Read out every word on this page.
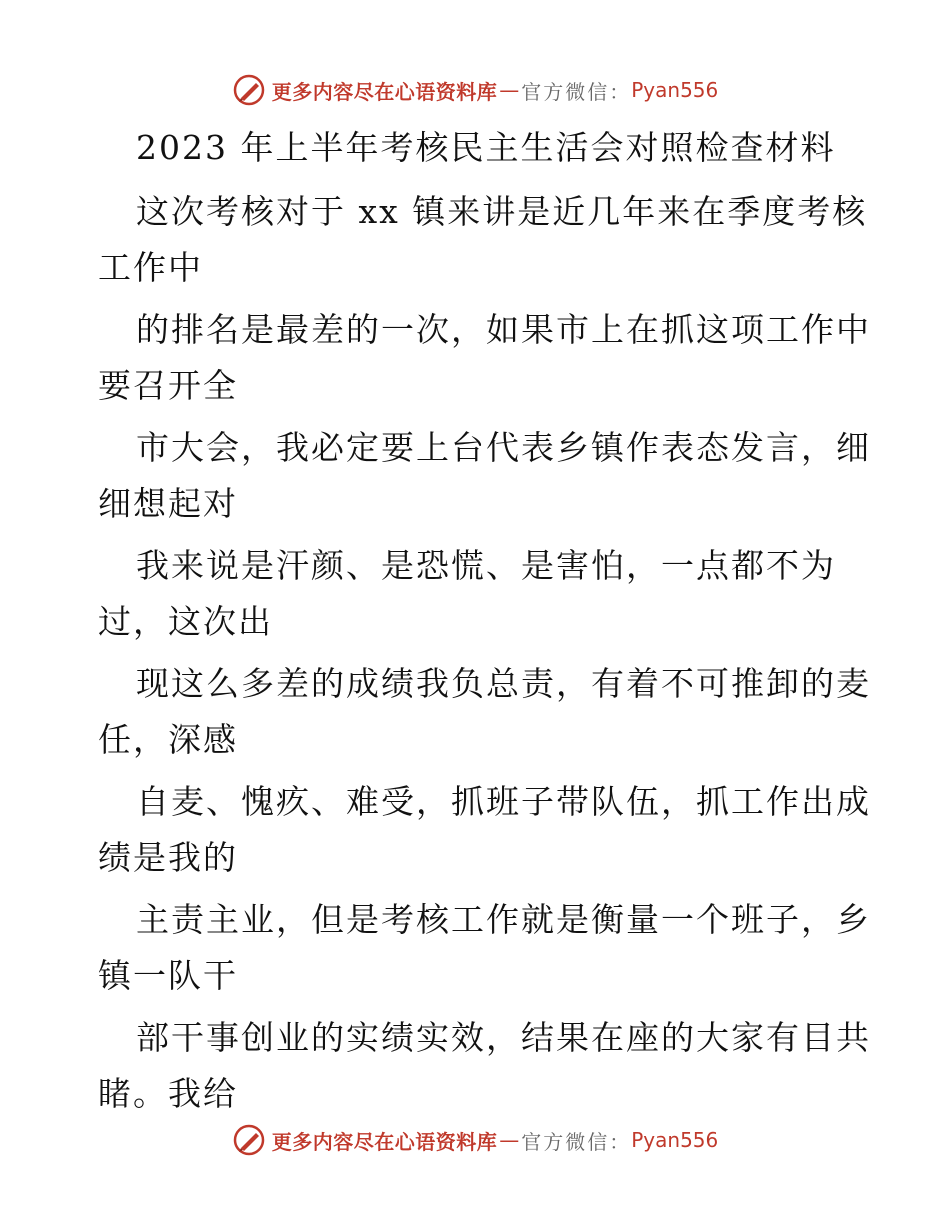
更多内容尽在心语资料库 — 官方微信： Pyan556
2023 年上半年考核民主生活会对照检查材料

这次考核对于 xx 镇来讲是近几年来在季度考核

工作中

的排名是最差的一次，如果市上在抓这项工作中

要召开全

市大会，我必定要上台代表乡镇作表态发言，细

细想起对

我来说是汗颜、是恐慌、是害怕，一点都不为

过，这次出

现这么多差的成绩我负总责，有着不可推卸的麦

任，深感

自麦、愧疚、难受，抓班子带队伍，抓工作出成

绩是我的

主责主业，但是考核工作就是衡量一个班子，乡

镇一队干

部干事创业的实绩实效，结果在座的大家有目共

睹。我给

更多内容尽在心语资料库 — 官方微信： Pyan556
